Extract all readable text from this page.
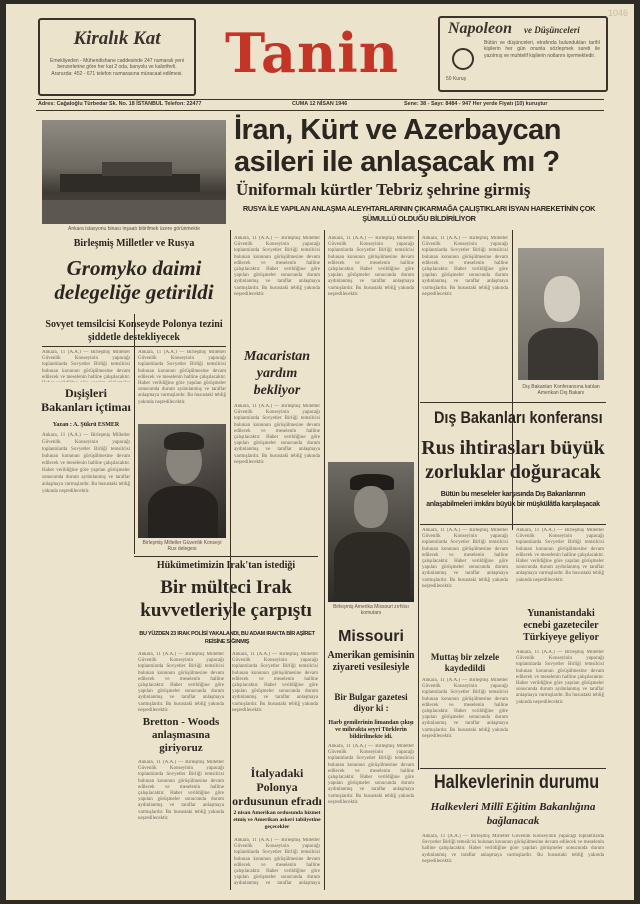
1046
Kiralık Kat
Emekliyeden - Mühendishane caddesinde 247 numaralı yeni benzerlerine göre her kat 2 oda, banyolu ve kaloriferli. Aranızda: 452 - 671 telefon numarasına müracaat edilmesi. Tanin	Napoleon ve Düşünceleri
50 Kuruş
Bütün ve düşünceleri, etrafında bulundukları tarihî kişilerin her gün onunla sözleşmek sureti ile yazılmış ve muhtelif kişilerin notlarını içermektedir.
Adres: Cağaloğlu Türbedar Sk. No. 18 İSTANBUL Telefon: 22477	CUMA 12 NİSAN 1946	Sene: 38 - Sayı: 8484 - 947 Her yerde Fiyatı (10) kuruştur
Ankara istasyonu binası inşaatı bitirilmek üzere görünmekte
İran, Kürt ve Azerbaycan
asileri ile anlaşacak mı ?
Üniformalı kürtler Tebriz şehrine girmiş
RUSYA İLE YAPILAN ANLAŞMA ALEYHTARLARININ ÇIKARMAĞA ÇALIŞTIKLARI İSYAN HAREKETİNİN ÇOK ŞÜMULLÜ OLDUĞU BİLDİRİLİYOR
Birleşmiş Milletler ve Rusya
Gromyko daimi delegeliğe getirildi
Sovyet temsilcisi Konseyde Polonya tezini şiddetle destekliyecek
Ankara, 11 (A.A.) — Birleşmiş Milletler Güvenlik Konseyinin yapacağı toplantılarda Sovyetler Birliği temsilcisi bulunan konunun görüşülmesine devam edilecek ve meselenin halline çalışılacaktır.
Ankara, 11 (A.A.) — Birleşmiş Milletler Güvenlik Konseyinin yapacağı toplantılarda Sovyetler Birliği temsilcisi bulunan konunun görüşülmesine devam edilecek ve meselenin halline çalışılacaktır. Haber verildiğine göre yapılan görüşmeler sonucunda durum aydınlanmış ve taraflar anlaşmaya varmışlardır. Bu husustaki tebliğ yakında neşredilecektir.
Dışişleri Bakanları içtimaı
Yazan : A. Şükrü ESMER
Ankara, 11 (A.A.) — Birleşmiş Milletler Güvenlik Konseyinin yapacağı toplantılarda Sovyetler Birliği temsilcisi bulunan konunun görüşülmesine devam edilecek ve meselenin halline çalışılacaktır. Haber verildiğine göre yapılan görüşmeler sonucunda durum aydınlanmış ve taraflar anlaşmaya varmışlardır. Bu husustaki tebliğ yakında neşredilecektir.
Birleşmiş Milletler Güvenlik Konseyi Rus delegesi
Ankara, 11 (A.A.) — Birleşmiş Milletler Güvenlik Konseyinin yapacağı toplantılarda Sovyetler Birliği temsilcisi bulunan konunun görüşülmesine devam edilecek ve meselenin halline çalışılacaktır. Haber verildiğine göre yapılan görüşmeler sonucunda durum aydınlanmış ve taraflar anlaşmaya varmışlardır. Bu husustaki tebliğ yakında neşredilecektir.
Macaristan yardım bekliyor
Ankara, 11 (A.A.) — Birleşmiş Milletler Güvenlik Konseyinin yapacağı toplantılarda Sovyetler Birliği temsilcisi bulunan konunun görüşülmesine devam edilecek ve meselenin halline çalışılacaktır. Haber verildiğine göre yapılan görüşmeler sonucunda durum aydınlanmış ve taraflar anlaşmaya varmışlardır. Bu husustaki tebliğ yakında neşredilecektir.
Ankara, 11 (A.A.) — Birleşmiş Milletler Güvenlik Konseyinin yapacağı toplantılarda Sovyetler Birliği temsilcisi bulunan konunun görüşülmesine devam edilecek ve meselenin halline çalışılacaktır. Haber verildiğine göre yapılan görüşmeler sonucunda durum aydınlanmış ve taraflar anlaşmaya varmışlardır. Bu husustaki tebliğ yakında neşredilecektir.
Birleşmiş Amerika Missouri zırhlısı komutanı
Ankara, 11 (A.A.) — Birleşmiş Milletler Güvenlik Konseyinin yapacağı toplantılarda Sovyetler Birliği temsilcisi bulunan konunun görüşülmesine devam edilecek ve meselenin halline çalışılacaktır. Haber verildiğine göre yapılan görüşmeler sonucunda durum aydınlanmış ve taraflar anlaşmaya varmışlardır. Bu husustaki tebliğ yakında neşredilecektir.
Dış Bakanları Konferansına katılan Amerikan Dış Bakanı
Dış Bakanları konferansı
Rus ihtirasları büyük zorluklar doğuracak
Bütün bu meseleler karşısında Dış Bakanlarının anlaşabilmeleri imkânı büyük bir müşkülâtla karşılaşacak
Ankara, 11 (A.A.) — Birleşmiş Milletler Güvenlik Konseyinin yapacağı toplantılarda Sovyetler Birliği temsilcisi bulunan konunun görüşülmesine devam edilecek ve meselenin halline çalışılacaktır. Haber verildiğine göre yapılan görüşmeler sonucunda durum aydınlanmış ve taraflar anlaşmaya varmışlardır. Bu husustaki tebliğ yakında neşredilecektir.
Ankara, 11 (A.A.) — Birleşmiş Milletler Güvenlik Konseyinin yapacağı toplantılarda Sovyetler Birliği temsilcisi bulunan konunun görüşülmesine devam edilecek ve meselenin halline çalışılacaktır. Haber verildiğine göre yapılan görüşmeler sonucunda durum aydınlanmış ve taraflar anlaşmaya varmışlardır. Bu husustaki tebliğ yakında neşredilecektir.
Yunanistandaki ecnebi gazeteciler Türkiyeye geliyor
Ankara, 11 (A.A.) — Birleşmiş Milletler Güvenlik Konseyinin yapacağı toplantılarda Sovyetler Birliği temsilcisi bulunan konunun görüşülmesine devam edilecek ve meselenin halline çalışılacaktır. Haber verildiğine göre yapılan görüşmeler sonucunda durum aydınlanmış ve taraflar anlaşmaya varmışlardır. Bu husustaki tebliğ yakında neşredilecektir.
Muttaş bir zelzele kaydedildi
Ankara, 11 (A.A.) — Birleşmiş Milletler Güvenlik Konseyinin yapacağı toplantılarda Sovyetler Birliği temsilcisi bulunan konunun görüşülmesine devam edilecek ve meselenin halline çalışılacaktır. Haber verildiğine göre yapılan görüşmeler sonucunda durum aydınlanmış ve taraflar anlaşmaya varmışlardır. Bu husustaki tebliğ yakında neşredilecektir.
Hükümetimizin Irak'tan istediği
Bir mülteci Irak kuvvetleriyle çarpıştı
BU YÜZDEN 23 IRAK POLİSİ YAKALANDI, BU ADAM IRAKTA BİR AŞİRET REİSİNE SIĞINMIŞ
Ankara, 11 (A.A.) — Birleşmiş Milletler Güvenlik Konseyinin yapacağı toplantılarda Sovyetler Birliği temsilcisi bulunan konunun görüşülmesine devam edilecek ve meselenin halline çalışılacaktır. Haber verildiğine göre yapılan görüşmeler sonucunda durum aydınlanmış ve taraflar anlaşmaya varmışlardır. Bu husustaki tebliğ yakında neşredilecektir.
Ankara, 11 (A.A.) — Birleşmiş Milletler Güvenlik Konseyinin yapacağı toplantılarda Sovyetler Birliği temsilcisi bulunan konunun görüşülmesine devam edilecek ve meselenin halline çalışılacaktır. Haber verildiğine göre yapılan görüşmeler sonucunda durum aydınlanmış ve taraflar anlaşmaya varmışlardır. Bu husustaki tebliğ yakında neşredilecektir.
Bretton - Woods anlaşmasına giriyoruz
Ankara, 11 (A.A.) — Birleşmiş Milletler Güvenlik Konseyinin yapacağı toplantılarda Sovyetler Birliği temsilcisi bulunan konunun görüşülmesine devam edilecek ve meselenin halline çalışılacaktır. Haber verildiğine göre yapılan görüşmeler sonucunda durum aydınlanmış ve taraflar anlaşmaya varmışlardır. Bu husustaki tebliğ yakında neşredilecektir.
İtalyadaki Polonya ordusunun efradı
2 nisan Amerikan ordusunda hizmet etmiş ve Amerikan askeri tabiiyetine geçecekler
Ankara, 11 (A.A.) — Birleşmiş Milletler Güvenlik Konseyinin yapacağı toplantılarda Sovyetler Birliği temsilcisi bulunan konunun görüşülmesine devam edilecek ve meselenin halline çalışılacaktır. Haber verildiğine göre yapılan görüşmeler sonucunda durum aydınlanmış ve taraflar anlaşmaya
Missouri
Amerikan gemisinin ziyareti vesilesiyle
Bir Bulgar gazetesi diyor ki :
Harb gemilerinin limandan çıkışı ve mihrakta seyri Türklerin bildirilmekte idi.
Ankara, 11 (A.A.) — Birleşmiş Milletler Güvenlik Konseyinin yapacağı toplantılarda Sovyetler Birliği temsilcisi bulunan konunun görüşülmesine devam edilecek ve meselenin halline çalışılacaktır. Haber verildiğine göre yapılan görüşmeler sonucunda durum aydınlanmış ve taraflar anlaşmaya varmışlardır. Bu husustaki tebliğ yakında neşredilecektir.
Halkevlerinin durumu
Halkevleri Millî Eğitim Bakanlığına bağlanacak
Ankara, 11 (A.A.) — Birleşmiş Milletler Güvenlik Konseyinin yapacağı toplantılarda Sovyetler Birliği temsilcisi bulunan konunun görüşülmesine devam edilecek ve meselenin halline çalışılacaktır. Haber verildiğine göre yapılan görüşmeler sonucunda durum aydınlanmış ve taraflar anlaşmaya varmışlardır. Bu husustaki tebliğ yakında neşredilecektir.
